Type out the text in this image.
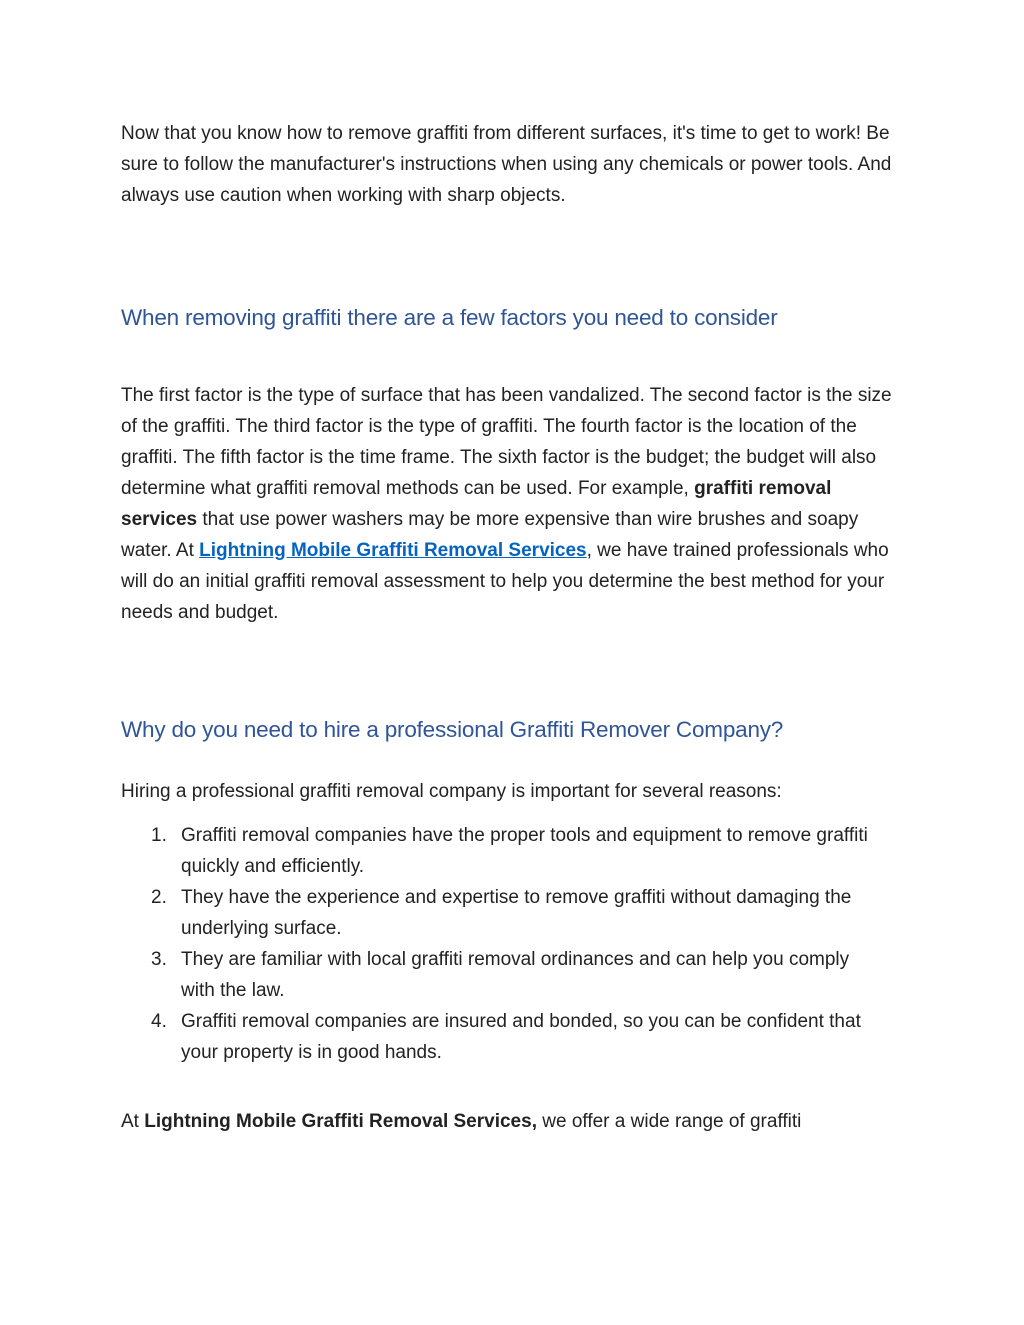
Now that you know how to remove graffiti from different surfaces, it's time to get to work! Be sure to follow the manufacturer's instructions when using any chemicals or power tools. And always use caution when working with sharp objects.

When removing graffiti there are a few factors you need to consider

The first factor is the type of surface that has been vandalized. The second factor is the size of the graffiti. The third factor is the type of graffiti. The fourth factor is the location of the graffiti. The fifth factor is the time frame. The sixth factor is the budget; the budget will also determine what graffiti removal methods can be used. For example, graffiti removal services that use power washers may be more expensive than wire brushes and soapy water. At Lightning Mobile Graffiti Removal Services, we have trained professionals who will do an initial graffiti removal assessment to help you determine the best method for your needs and budget.

Why do you need to hire a professional Graffiti Remover Company?

Hiring a professional graffiti removal company is important for several reasons:

1. Graffiti removal companies have the proper tools and equipment to remove graffiti quickly and efficiently.
2. They have the experience and expertise to remove graffiti without damaging the underlying surface.
3. They are familiar with local graffiti removal ordinances and can help you comply with the law.
4. Graffiti removal companies are insured and bonded, so you can be confident that your property is in good hands.

At Lightning Mobile Graffiti Removal Services, we offer a wide range of graffiti
